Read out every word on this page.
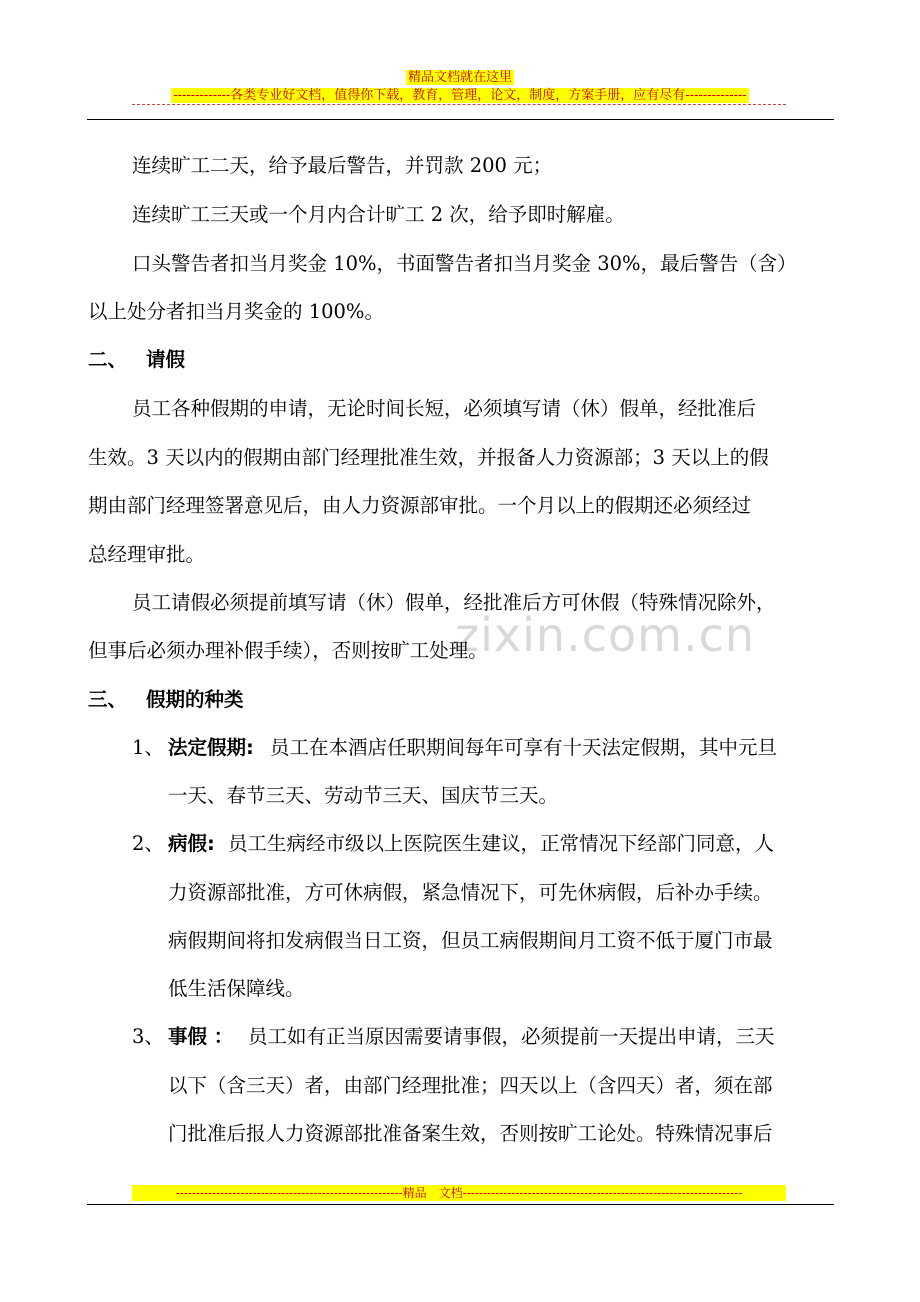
精品文档就在这里
-------------各类专业好文档，值得你下载，教育，管理，论文，制度，方案手册，应有尽有--------------
zixin.com.cn
连续旷工二天，给予最后警告，并罚款 200 元；
连续旷工三天或一个月内合计旷工 2 次，给予即时解雇。
口头警告者扣当月奖金 10%，书面警告者扣当月奖金 30%，最后警告（含）
以上处分者扣当月奖金的 100%。
二、 请假
员工各种假期的申请，无论时间长短，必须填写请（休）假单，经批准后
生效。3 天以内的假期由部门经理批准生效，并报备人力资源部；3 天以上的假
期由部门经理签署意见后，由人力资源部审批。一个月以上的假期还必须经过
总经理审批。
员工请假必须提前填写请（休）假单，经批准后方可休假（特殊情况除外，
但事后必须办理补假手续），否则按旷工处理。
三、 假期的种类
1、 法定假期: 员工在本酒店任职期间每年可享有十天法定假期，其中元旦
一天、春节三天、劳动节三天、国庆节三天。
2、 病假: 员工生病经市级以上医院医生建议，正常情况下经部门同意，人
力资源部批准，方可休病假，紧急情况下，可先休病假，后补办手续。
病假期间将扣发病假当日工资，但员工病假期间月工资不低于厦门市最
低生活保障线。
3、 事假 ： 员工如有正当原因需要请事假，必须提前一天提出申请，三天
以下（含三天）者，由部门经理批准；四天以上（含四天）者，须在部
门批准后报人力资源部批准备案生效，否则按旷工论处。特殊情况事后
--------------------------------------------------------精品　文档---------------------------------------------------------------------
